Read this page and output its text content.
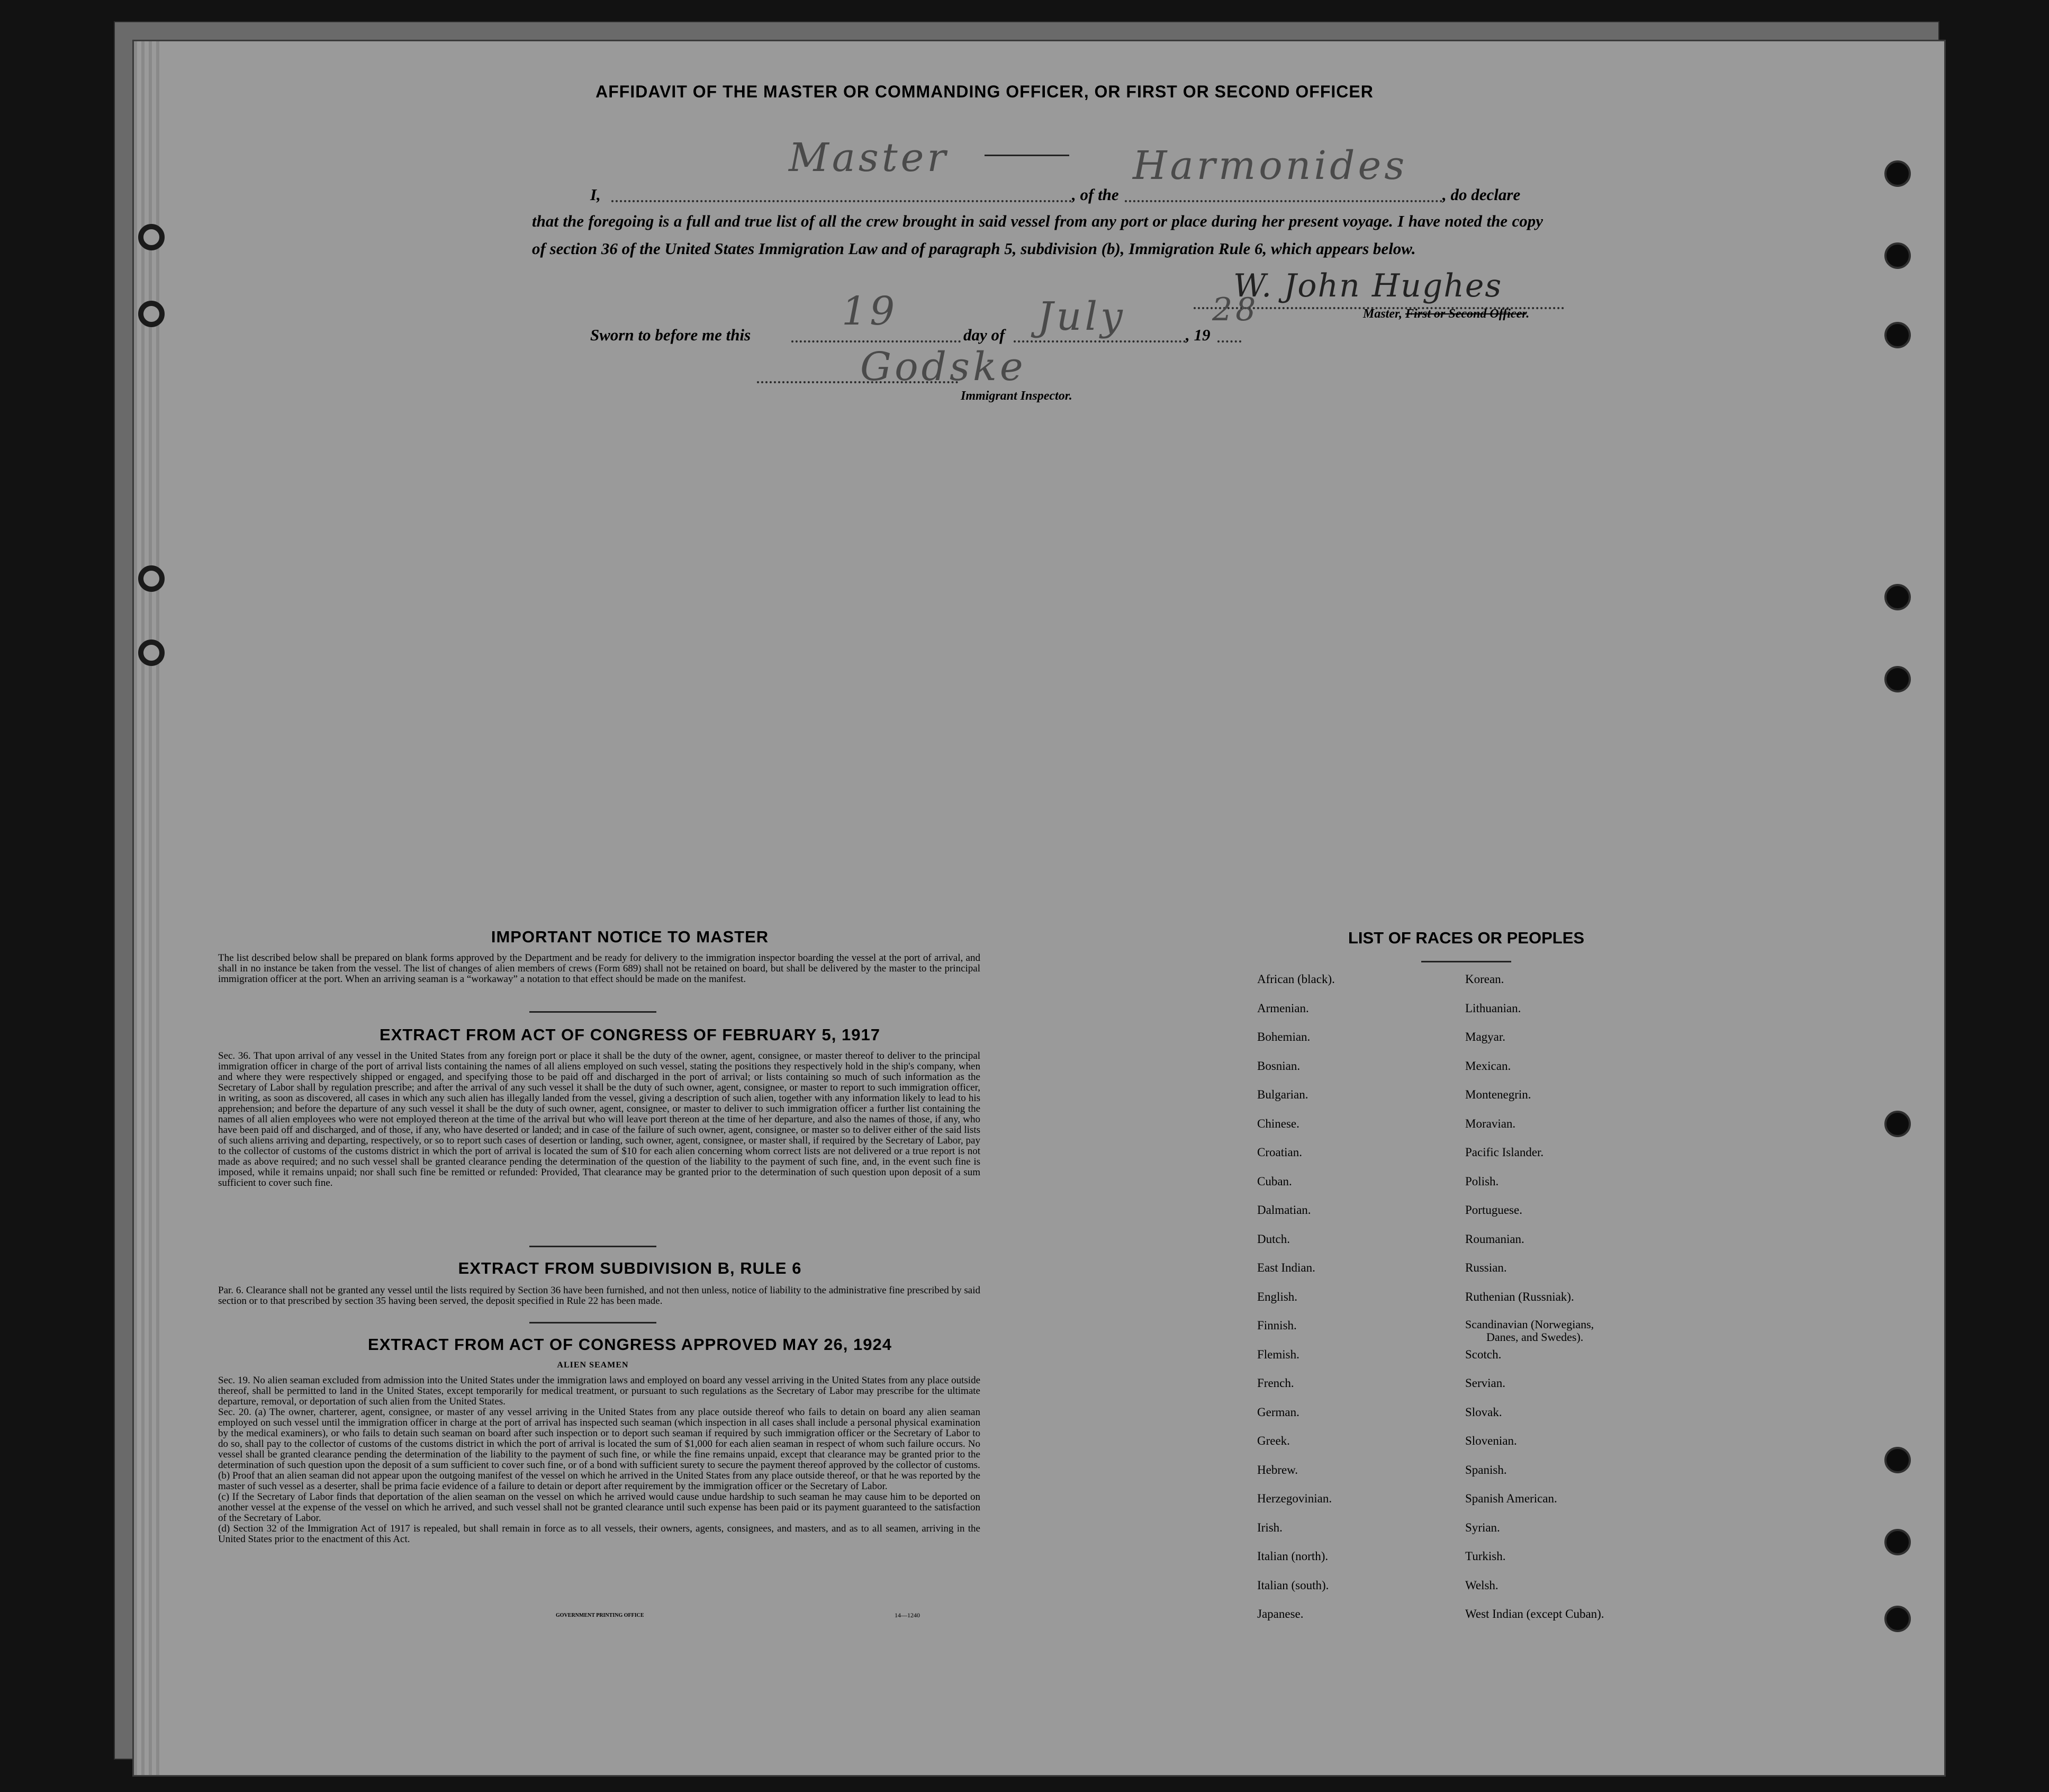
AFFIDAVIT OF THE MASTER OR COMMANDING OFFICER, OR FIRST OR SECOND OFFICER
I,
Master
, of the
Harmonides
, do declare
that the foregoing is a full and true list of all the crew brought in said vessel from any port or place during her present voyage. I have noted the copy of section 36 of the United States Immigration Law and of paragraph 5, subdivision (b), Immigration Rule 6, which appears below.
W. John Hughes
Master, First or Second Officer.
Sworn to before me this
19
day of July	, 19
28
Godske
Immigrant Inspector.
IMPORTANT NOTICE TO MASTER
The list described below shall be prepared on blank forms approved by the Department and be ready for delivery to the immigration inspector boarding the vessel at the port of arrival, and shall in no instance be taken from the vessel. The list of changes of alien members of crews (Form 689) shall not be retained on board, but shall be delivered by the master to the principal immigration officer at the port. When an arriving seaman is a “workaway” a notation to that effect should be made on the manifest.
EXTRACT FROM ACT OF CONGRESS OF FEBRUARY 5, 1917
Sec. 36. That upon arrival of any vessel in the United States from any foreign port or place it shall be the duty of the owner, agent, consignee, or master thereof to deliver to the principal immigration officer in charge of the port of arrival lists containing the names of all aliens employed on such vessel, stating the positions they respectively hold in the ship's company, when and where they were respectively shipped or engaged, and specifying those to be paid off and discharged in the port of arrival; or lists containing so much of such information as the Secretary of Labor shall by regulation prescribe; and after the arrival of any such vessel it shall be the duty of such owner, agent, consignee, or master to report to such immigration officer, in writing, as soon as discovered, all cases in which any such alien has illegally landed from the vessel, giving a description of such alien, together with any information likely to lead to his apprehension; and before the departure of any such vessel it shall be the duty of such owner, agent, consignee, or master to deliver to such immigration officer a further list containing the names of all alien employees who were not employed thereon at the time of the arrival but who will leave port thereon at the time of her departure, and also the names of those, if any, who have been paid off and discharged, and of those, if any, who have deserted or landed; and in case of the failure of such owner, agent, consignee, or master so to deliver either of the said lists of such aliens arriving and departing, respectively, or so to report such cases of desertion or landing, such owner, agent, consignee, or master shall, if required by the Secretary of Labor, pay to the collector of customs of the customs district in which the port of arrival is located the sum of $10 for each alien concerning whom correct lists are not delivered or a true report is not made as above required; and no such vessel shall be granted clearance pending the determination of the question of the liability to the payment of such fine, and, in the event such fine is imposed, while it remains unpaid; nor shall such fine be remitted or refunded: Provided, That clearance may be granted prior to the determination of such question upon deposit of a sum sufficient to cover such fine.
EXTRACT FROM SUBDIVISION B, RULE 6
Par. 6. Clearance shall not be granted any vessel until the lists required by Section 36 have been furnished, and not then unless, notice of liability to the administrative fine prescribed by said section or to that prescribed by section 35 having been served, the deposit specified in Rule 22 has been made.
EXTRACT FROM ACT OF CONGRESS APPROVED MAY 26, 1924
ALIEN SEAMEN
Sec. 19. No alien seaman excluded from admission into the United States under the immigration laws and employed on board any vessel arriving in the United States from any place outside thereof, shall be permitted to land in the United States, except temporarily for medical treatment, or pursuant to such regulations as the Secretary of Labor may prescribe for the ultimate departure, removal, or deportation of such alien from the United States.
Sec. 20. (a) The owner, charterer, agent, consignee, or master of any vessel arriving in the United States from any place outside thereof who fails to detain on board any alien seaman employed on such vessel until the immigration officer in charge at the port of arrival has inspected such seaman (which inspection in all cases shall include a personal physical examination by the medical examiners), or who fails to detain such seaman on board after such inspection or to deport such seaman if required by such immigration officer or the Secretary of Labor to do so, shall pay to the collector of customs of the customs district in which the port of arrival is located the sum of $1,000 for each alien seaman in respect of whom such failure occurs. No vessel shall be granted clearance pending the determination of the liability to the payment of such fine, or while the fine remains unpaid, except that clearance may be granted prior to the determination of such question upon the deposit of a sum sufficient to cover such fine, or of a bond with sufficient surety to secure the payment thereof approved by the collector of customs.
(b) Proof that an alien seaman did not appear upon the outgoing manifest of the vessel on which he arrived in the United States from any place outside thereof, or that he was reported by the master of such vessel as a deserter, shall be prima facie evidence of a failure to detain or deport after requirement by the immigration officer or the Secretary of Labor.
(c) If the Secretary of Labor finds that deportation of the alien seaman on the vessel on which he arrived would cause undue hardship to such seaman he may cause him to be deported on another vessel at the expense of the vessel on which he arrived, and such vessel shall not be granted clearance until such expense has been paid or its payment guaranteed to the satisfaction of the Secretary of Labor.
(d) Section 32 of the Immigration Act of 1917 is repealed, but shall remain in force as to all vessels, their owners, agents, consignees, and masters, and as to all seamen, arriving in the United States prior to the enactment of this Act.
GOVERNMENT PRINTING OFFICE	14—1240
LIST OF RACES OR PEOPLES
African (black).
Armenian.
Bohemian.
Bosnian.
Bulgarian.
Chinese.
Croatian.
Cuban.
Dalmatian.
Dutch.
East Indian.
English.
Finnish.
Flemish.
French.
German.
Greek.
Hebrew.
Herzegovinian.
Irish.
Italian (north).
Italian (south).
Japanese.
Korean.
Lithuanian.
Magyar.
Mexican.
Montenegrin.
Moravian.
Pacific Islander.
Polish.
Portuguese.
Roumanian.
Russian.
Ruthenian (Russniak).
Scandinavian (Norwegians,
Danes, and Swedes).
Scotch.
Servian.
Slovak.
Slovenian.
Spanish.
Spanish American.
Syrian.
Turkish.
Welsh.
West Indian (except Cuban).
